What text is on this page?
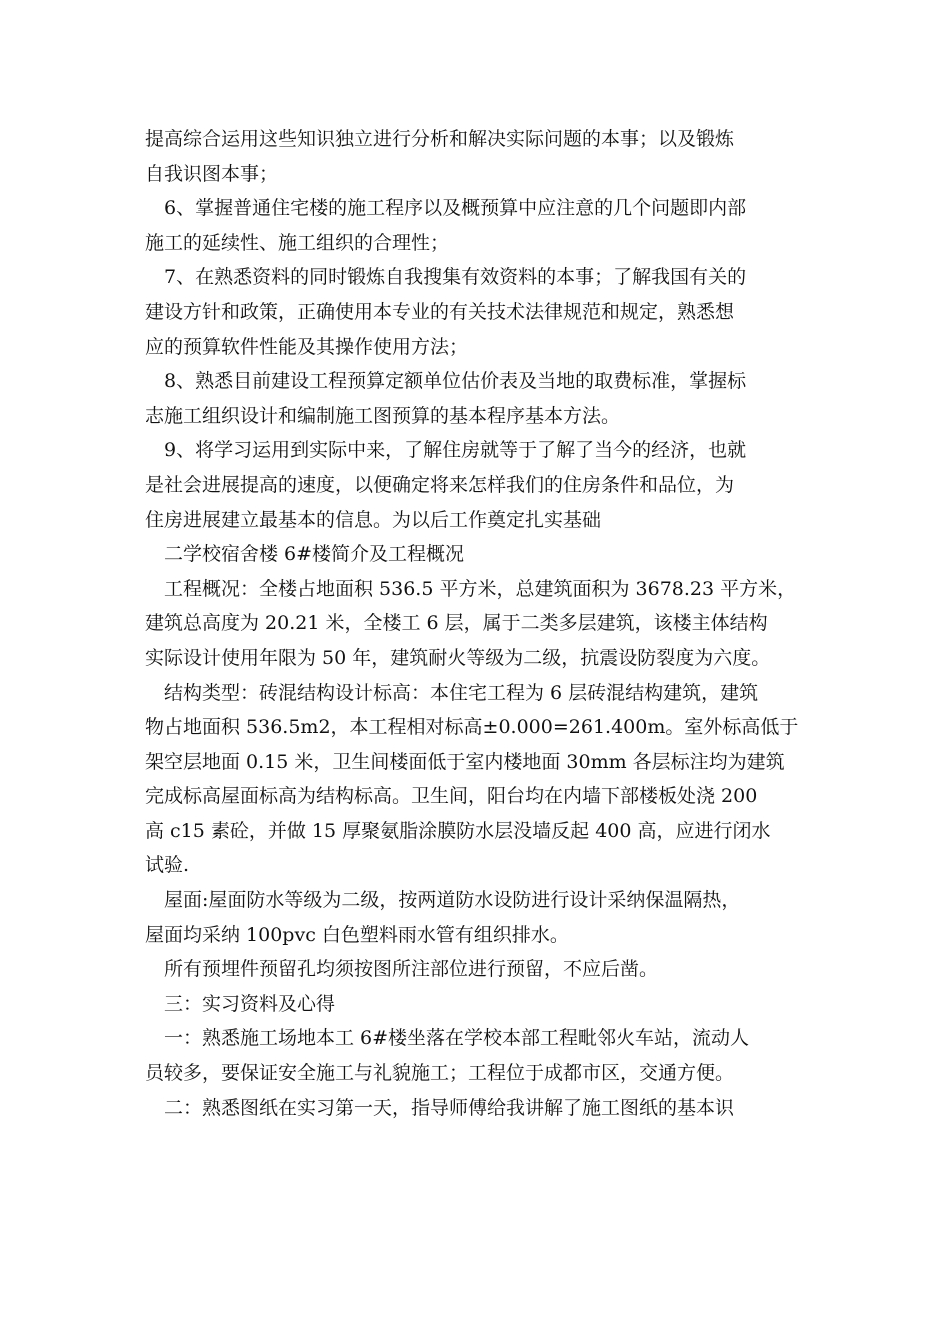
提高综合运用这些知识独立进行分析和解决实际问题的本事；以及锻炼
自我识图本事；
6、掌握普通住宅楼的施工程序以及概预算中应注意的几个问题即内部
施工的延续性、施工组织的合理性；
7、在熟悉资料的同时锻炼自我搜集有效资料的本事；了解我国有关的
建设方针和政策，正确使用本专业的有关技术法律规范和规定，熟悉想
应的预算软件性能及其操作使用方法；
8、熟悉目前建设工程预算定额单位估价表及当地的取费标准，掌握标
志施工组织设计和编制施工图预算的基本程序基本方法。
9、将学习运用到实际中来，了解住房就等于了解了当今的经济，也就
是社会进展提高的速度，以便确定将来怎样我们的住房条件和品位，为
住房进展建立最基本的信息。为以后工作奠定扎实基础
二学校宿舍楼 6#楼简介及工程概况
工程概况：全楼占地面积 536.5 平方米，总建筑面积为 3678.23 平方米，
建筑总高度为 20.21 米，全楼工 6 层，属于二类多层建筑，该楼主体结构
实际设计使用年限为 50 年，建筑耐火等级为二级，抗震设防裂度为六度。
结构类型：砖混结构设计标高：本住宅工程为 6 层砖混结构建筑，建筑
物占地面积 536.5m2，本工程相对标高±0.000=261.400m。室外标高低于
架空层地面 0.15 米，卫生间楼面低于室内楼地面 30mm 各层标注均为建筑
完成标高屋面标高为结构标高。卫生间，阳台均在内墙下部楼板处浇 200
高 c15 素砼，并做 15 厚聚氨脂涂膜防水层没墙反起 400 高，应进行闭水
试验.
屋面:屋面防水等级为二级，按两道防水设防进行设计采纳保温隔热，
屋面均采纳 100pvc 白色塑料雨水管有组织排水。
所有预埋件预留孔均须按图所注部位进行预留，不应后凿。
三：实习资料及心得
一：熟悉施工场地本工 6#楼坐落在学校本部工程毗邻火车站，流动人
员较多，要保证安全施工与礼貌施工；工程位于成都市区，交通方便。
二：熟悉图纸在实习第一天，指导师傅给我讲解了施工图纸的基本识
